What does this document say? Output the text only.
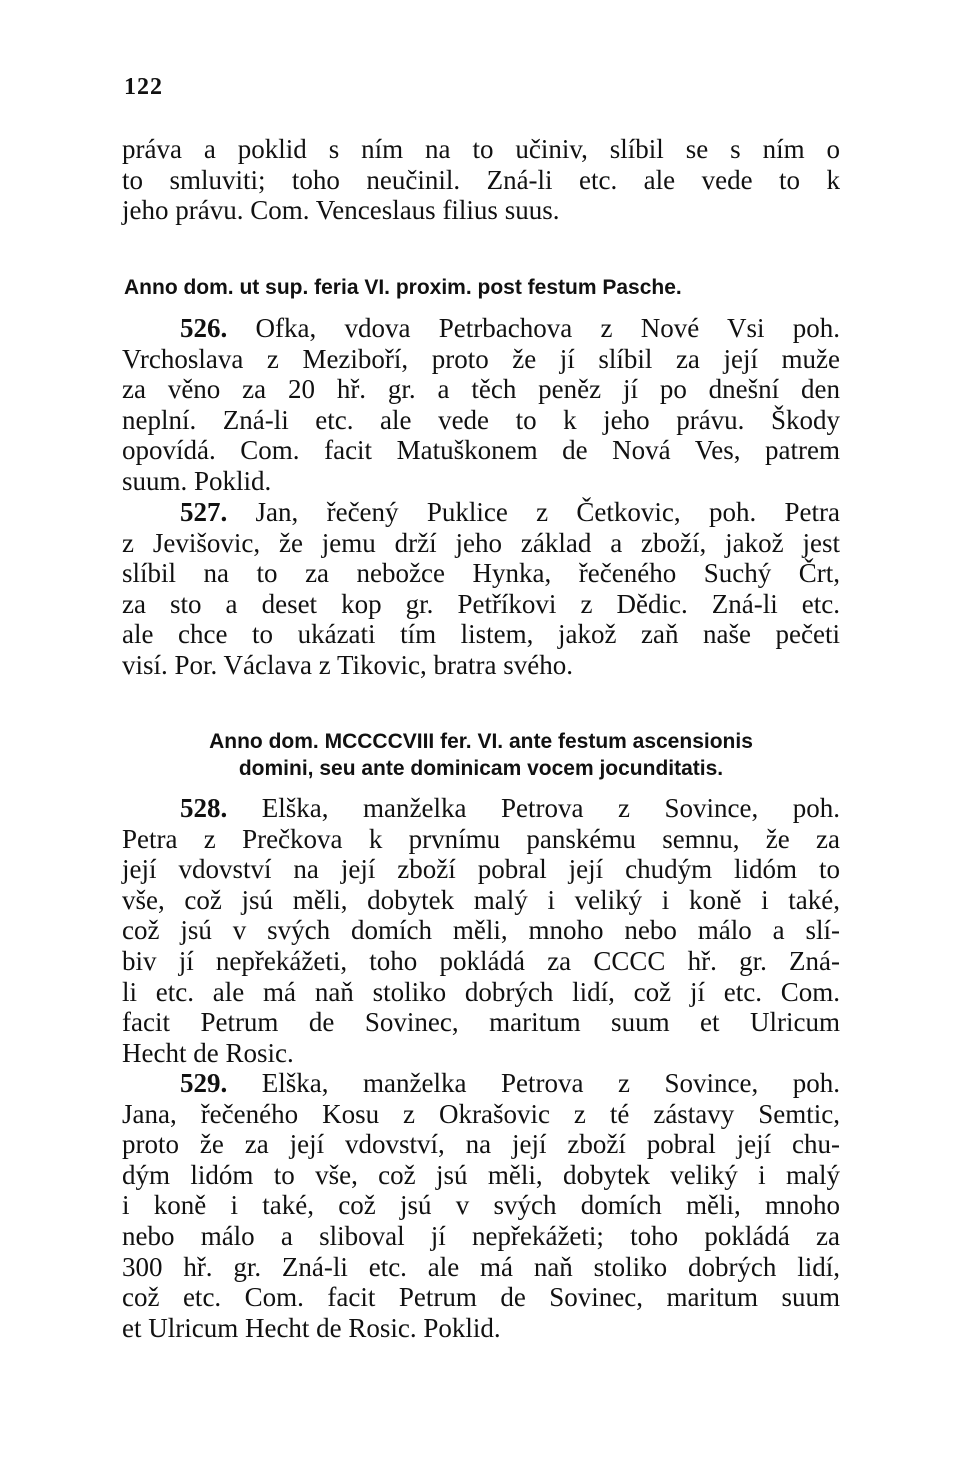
122
práva a poklid s ním na to učiniv, slíbil se s ním o
to smluviti; toho neučinil. Zná-li etc. ale vede to k
jeho právu. Com. Venceslaus filius suus.
Anno dom. ut sup. feria VI. proxim. post festum Pasche.
526. Ofka, vdova Petrbachova z Nové Vsi poh.
Vrchoslava z Meziboří, proto že jí slíbil za její muže
za věno za 20 hř. gr. a těch peněz jí po dnešní den
neplní. Zná-li etc. ale vede to k jeho právu. Škody
opovídá. Com. facit Matuškonem de Nová Ves, patrem
suum. Poklid.
527. Jan, řečený Puklice z Četkovic, poh. Petra
z Jevišovic, že jemu drží jeho základ a zboží, jakož jest
slíbil na to za nebožce Hynka, řečeného Suchý Črt,
za sto a deset kop gr. Petříkovi z Dědic. Zná-li etc.
ale chce to ukázati tím listem, jakož zaň naše pečeti
visí. Por. Václava z Tikovic, bratra svého.
Anno dom. MCCCCVIII fer. VI. ante festum ascensionis
domini, seu ante dominicam vocem jocunditatis.
528. Elška, manželka Petrova z Sovince, poh.
Petra z Prečkova k prvnímu panskému semnu, že za
její vdovství na její zboží pobral její chudým lidóm to
vše, což jsú měli, dobytek malý i veliký i koně i také,
což jsú v svých domích měli, mnoho nebo málo a slí-
biv jí nepřekážeti, toho pokládá za CCCC hř. gr. Zná-
li etc. ale má naň stoliko dobrých lidí, což jí etc. Com.
facit Petrum de Sovinec, maritum suum et Ulricum
Hecht de Rosic.
529. Elška, manželka Petrova z Sovince, poh.
Jana, řečeného Kosu z Okrašovic z té zástavy Semtic,
proto že za její vdovství, na její zboží pobral její chu-
dým lidóm to vše, což jsú měli, dobytek veliký i malý
i koně i také, což jsú v svých domích měli, mnoho
nebo málo a sliboval jí nepřekážeti; toho pokládá za
300 hř. gr. Zná-li etc. ale má naň stoliko dobrých lidí,
což etc. Com. facit Petrum de Sovinec, maritum suum
et Ulricum Hecht de Rosic. Poklid.
